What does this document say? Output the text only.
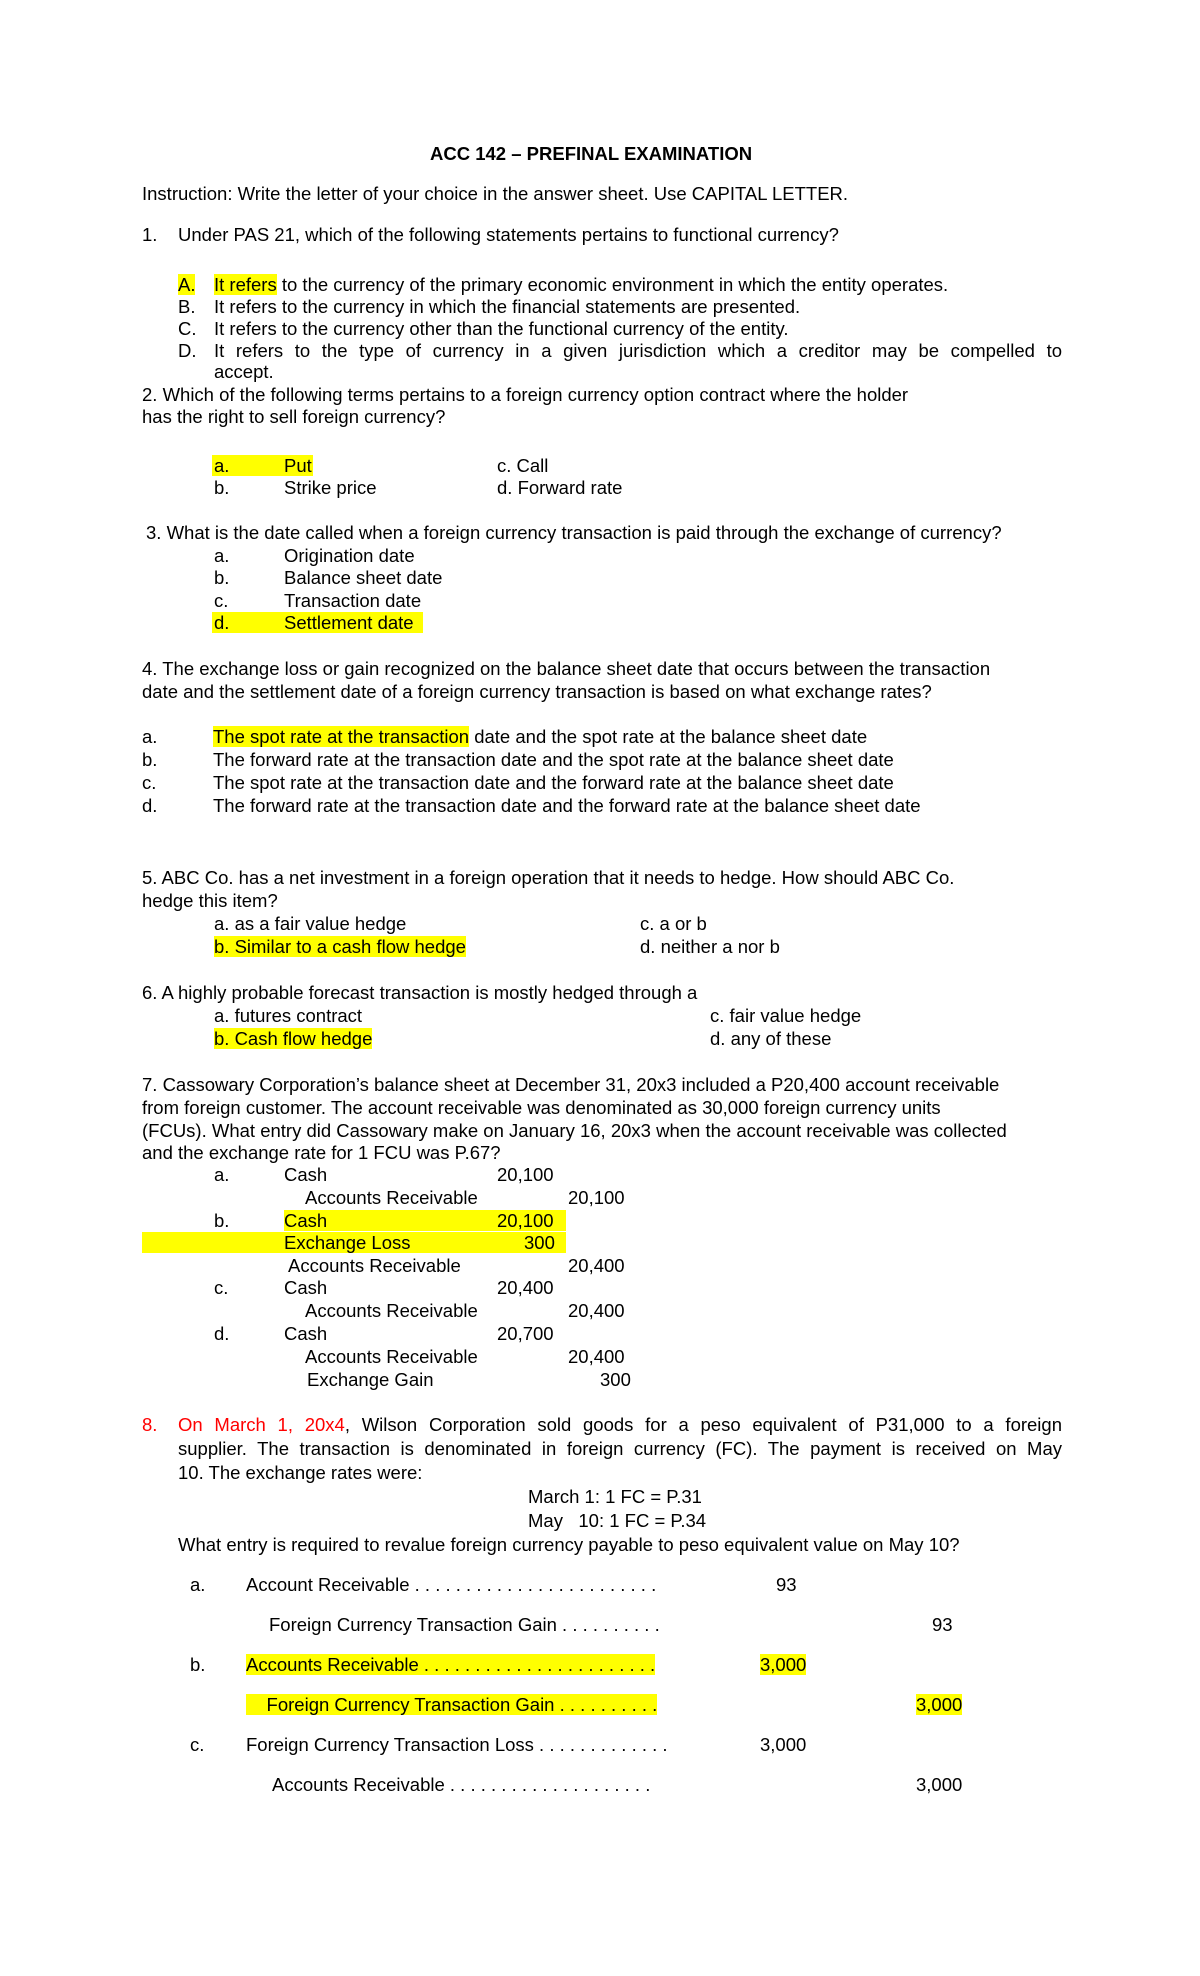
ACC 142 – PREFINAL EXAMINATION
Instruction: Write the letter of your choice in the answer sheet. Use CAPITAL LETTER.
1. Under PAS 21, which of the following statements pertains to functional currency?
A.	It refers to the currency of the primary economic environment in which the entity operates.
B. It refers to the currency in which the financial statements are presented.
C. It refers to the currency other than the functional currency of the entity.
D. It refers to the type of currency in a given jurisdiction which a creditor may be compelled to
accept.
2. Which of the following terms pertains to a foreign currency option contract where the holder
has the right to sell foreign currency?
a.	Put	c. Call
b.	Strike price	d. Forward rate
3. What is the date called when a foreign currency transaction is paid through the exchange of currency?
a.	Origination date
b.	Balance sheet date
c.	Transaction date
d.	Settlement date
4. The exchange loss or gain recognized on the balance sheet date that occurs between the transaction
date and the settlement date of a foreign currency transaction is based on what exchange rates?
a.	The spot rate at the transaction date and the spot rate at the balance sheet date
b.	The forward rate at the transaction date and the spot rate at the balance sheet date
c.	The spot rate at the transaction date and the forward rate at the balance sheet date
d.	The forward rate at the transaction date and the forward rate at the balance sheet date
5. ABC Co. has a net investment in a foreign operation that it needs to hedge. How should ABC Co.
hedge this item?
a. as a fair value hedge	c. a or b
b. Similar to a cash flow hedge	d. neither a nor b
6. A highly probable forecast transaction is mostly hedged through a
a. futures contract	c. fair value hedge
b. Cash flow hedge	d. any of these
7. Cassowary Corporation’s balance sheet at December 31, 20x3 included a P20,400 account receivable
from foreign customer. The account receivable was denominated as 30,000 foreign currency units
(FCUs). What entry did Cassowary make on January 16, 20x3 when the account receivable was collected
and the exchange rate for 1 FCU was P.67?
a.	Cash	20,100
Accounts Receivable	20,100
b.	Cash	20,100
Exchange Loss	300
Accounts Receivable	20,400
c.	Cash	20,400
Accounts Receivable	20,400
d.	Cash	20,700
Accounts Receivable	20,400
Exchange Gain	300
8. On March 1, 20x4, Wilson Corporation sold goods for a peso equivalent of P31,000 to a foreign
supplier. The transaction is denominated in foreign currency (FC). The payment is received on May
10. The exchange rates were:
March 1: 1 FC = P.31
May   10: 1 FC = P.34
What entry is required to revalue foreign currency payable to peso equivalent value on May 10?
a. Account Receivable . . . . . . . . . . . . . . . . . . . . . . . .	93
Foreign Currency Transaction Gain . . . . . . . . . .	93
b. Accounts Receivable . . . . . . . . . . . . . . . . . . . . . . .	3,000
Foreign Currency Transaction Gain . . . . . . . . . .	3,000
c. Foreign Currency Transaction Loss . . . . . . . . . . . . .	3,000
Accounts Receivable . . . . . . . . . . . . . . . . . . . .	3,000
